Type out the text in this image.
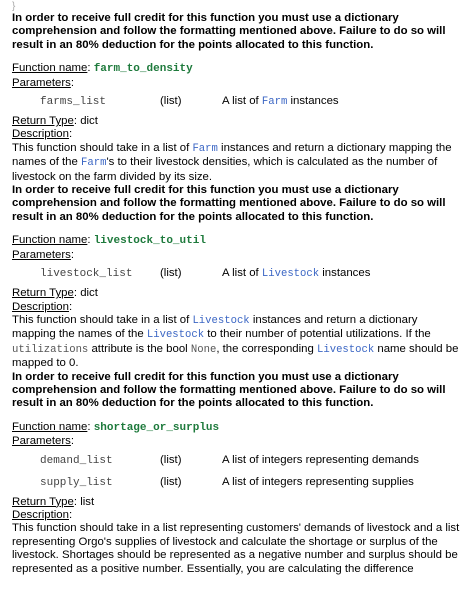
}

In order to receive full credit for this function you must use a dictionary comprehension and follow the formatting mentioned above. Failure to do so will result in an 80% deduction for the points allocated to this function.

Function name: farm_to_density
Parameters:
farms_list	(list)	A list of Farm instances
Return Type: dict
Description:

This function should take in a list of Farm instances and return a dictionary mapping the names of the Farm's to their livestock densities, which is calculated as the number of livestock on the farm divided by its size.

In order to receive full credit for this function you must use a dictionary comprehension and follow the formatting mentioned above. Failure to do so will result in an 80% deduction for the points allocated to this function.

Function name: livestock_to_util
Parameters:
livestock_list	(list)	A list of Livestock instances
Return Type: dict
Description:

This function should take in a list of Livestock instances and return a dictionary mapping the names of the Livestock to their number of potential utilizations. If the utilizations attribute is the bool None, the corresponding Livestock name should be mapped to 0.

In order to receive full credit for this function you must use a dictionary comprehension and follow the formatting mentioned above. Failure to do so will result in an 80% deduction for the points allocated to this function.

Function name: shortage_or_surplus
Parameters:
demand_list	(list)	A list of integers representing demands
supply_list	(list)	A list of integers representing supplies
Return Type: list
Description:

This function should take in a list representing customers' demands of livestock and a list representing Orgo's supplies of livestock and calculate the shortage or surplus of the livestock. Shortages should be represented as a negative number and surplus should be represented as a positive number. Essentially, you are calculating the difference
